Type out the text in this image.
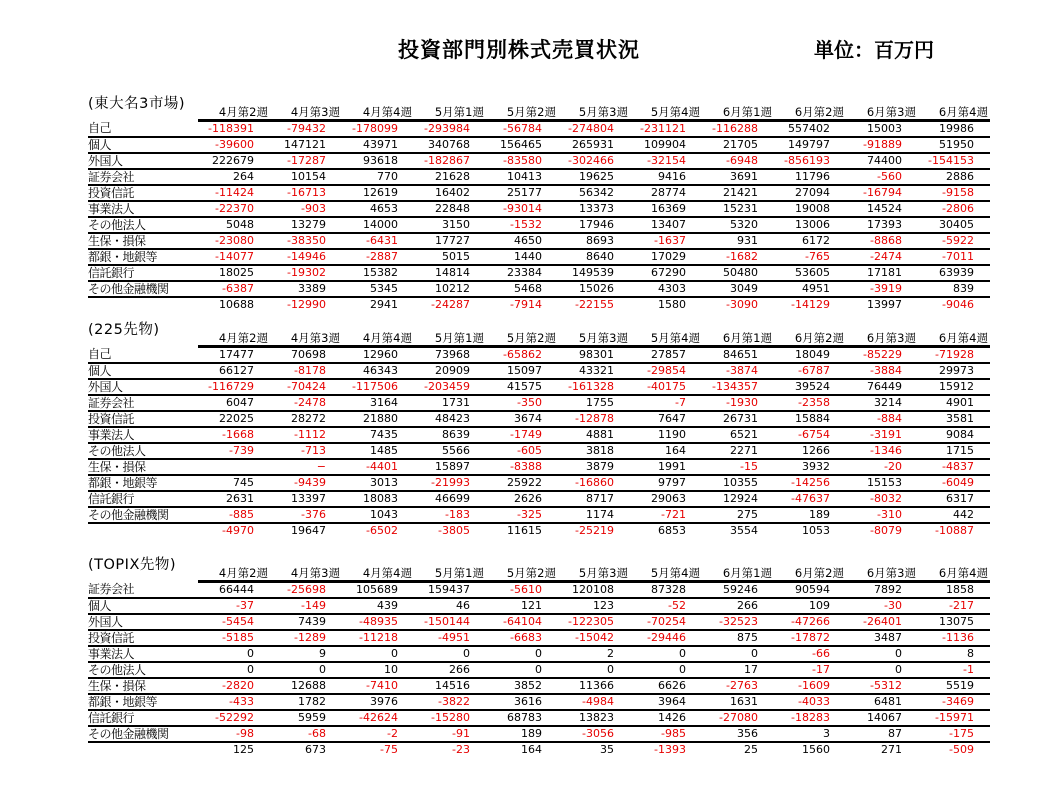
投資部門別株式売買状況	単位：百万円
(東大名3市場)
		4月第2週	4月第3週	4月第4週	5月第1週	5月第2週	5月第3週	5月第4週	6月第1週	6月第2週	6月第3週	6月第4週
自己	-118391	-79432	-178099	-293984	-56784	-274804	-231121	-116288	557402	15003	19986
個人	-39600	147121	43971	340768	156465	265931	109904	21705	149797	-91889	51950
外国人	222679	-17287	93618	-182867	-83580	-302466	-32154	-6948	-856193	74400	-154153
証券会社	264	10154	770	21628	10413	19625	9416	3691	11796	-560	2886
投資信託	-11424	-16713	12619	16402	25177	56342	28774	21421	27094	-16794	-9158
事業法人	-22370	-903	4653	22848	-93014	13373	16369	15231	19008	14524	-2806
その他法人	5048	13279	14000	3150	-1532	17946	13407	5320	13006	17393	30405
生保・損保	-23080	-38350	-6431	17727	4650	8693	-1637	931	6172	-8868	-5922
都銀・地銀等	-14077	-14946	-2887	5015	1440	8640	17029	-1682	-765	-2474	-7011
信託銀行	18025	-19302	15382	14814	23384	149539	67290	50480	53605	17181	63939
その他金融機関	-6387	3389	5345	10212	5468	15026	4303	3049	4951	-3919	839
	10688	-12990	2941	-24287	-7914	-22155	1580	-3090	-14129	13997	-9046
(225先物)
		4月第2週	4月第3週	4月第4週	5月第1週	5月第2週	5月第3週	5月第4週	6月第1週	6月第2週	6月第3週	6月第4週
自己	17477	70698	12960	73968	-65862	98301	27857	84651	18049	-85229	-71928
個人	66127	-8178	46343	20909	15097	43321	-29854	-3874	-6787	-3884	29973
外国人	-116729	-70424	-117506	-203459	41575	-161328	-40175	-134357	39524	76449	15912
証券会社	6047	-2478	3164	1731	-350	1755	-7	-1930	-2358	3214	4901
投資信託	22025	28272	21880	48423	3674	-12878	7647	26731	15884	-884	3581
事業法人	-1668	-1112	7435	8639	-1749	4881	1190	6521	-6754	-3191	9084
その他法人	-739	-713	1485	5566	-605	3818	164	2271	1266	-1346	1715
生保・損保		−	-4401	15897	-8388	3879	1991	-15	3932	-20	-4837
都銀・地銀等	745	-9439	3013	-21993	25922	-16860	9797	10355	-14256	15153	-6049
信託銀行	2631	13397	18083	46699	2626	8717	29063	12924	-47637	-8032	6317
その他金融機関	-885	-376	1043	-183	-325	1174	-721	275	189	-310	442
	-4970	19647	-6502	-3805	11615	-25219	6853	3554	1053	-8079	-10887
(TOPIX先物)
		4月第2週	4月第3週	4月第4週	5月第1週	5月第2週	5月第3週	5月第4週	6月第1週	6月第2週	6月第3週	6月第4週
証券会社	66444	-25698	105689	159437	-5610	120108	87328	59246	90594	7892	1858
個人	-37	-149	439	46	121	123	-52	266	109	-30	-217
外国人	-5454	7439	-48935	-150144	-64104	-122305	-70254	-32523	-47266	-26401	13075
投資信託	-5185	-1289	-11218	-4951	-6683	-15042	-29446	875	-17872	3487	-1136
事業法人	0	9	0	0	0	2	0	0	-66	0	8
その他法人	0	0	10	266	0	0	0	17	-17	0	-1
生保・損保	-2820	12688	-7410	14516	3852	11366	6626	-2763	-1609	-5312	5519
都銀・地銀等	-433	1782	3976	-3822	3616	-4984	3964	1631	-4033	6481	-3469
信託銀行	-52292	5959	-42624	-15280	68783	13823	1426	-27080	-18283	14067	-15971
その他金融機関	-98	-68	-2	-91	189	-3056	-985	356	3	87	-175
	125	673	-75	-23	164	35	-1393	25	1560	271	-509
